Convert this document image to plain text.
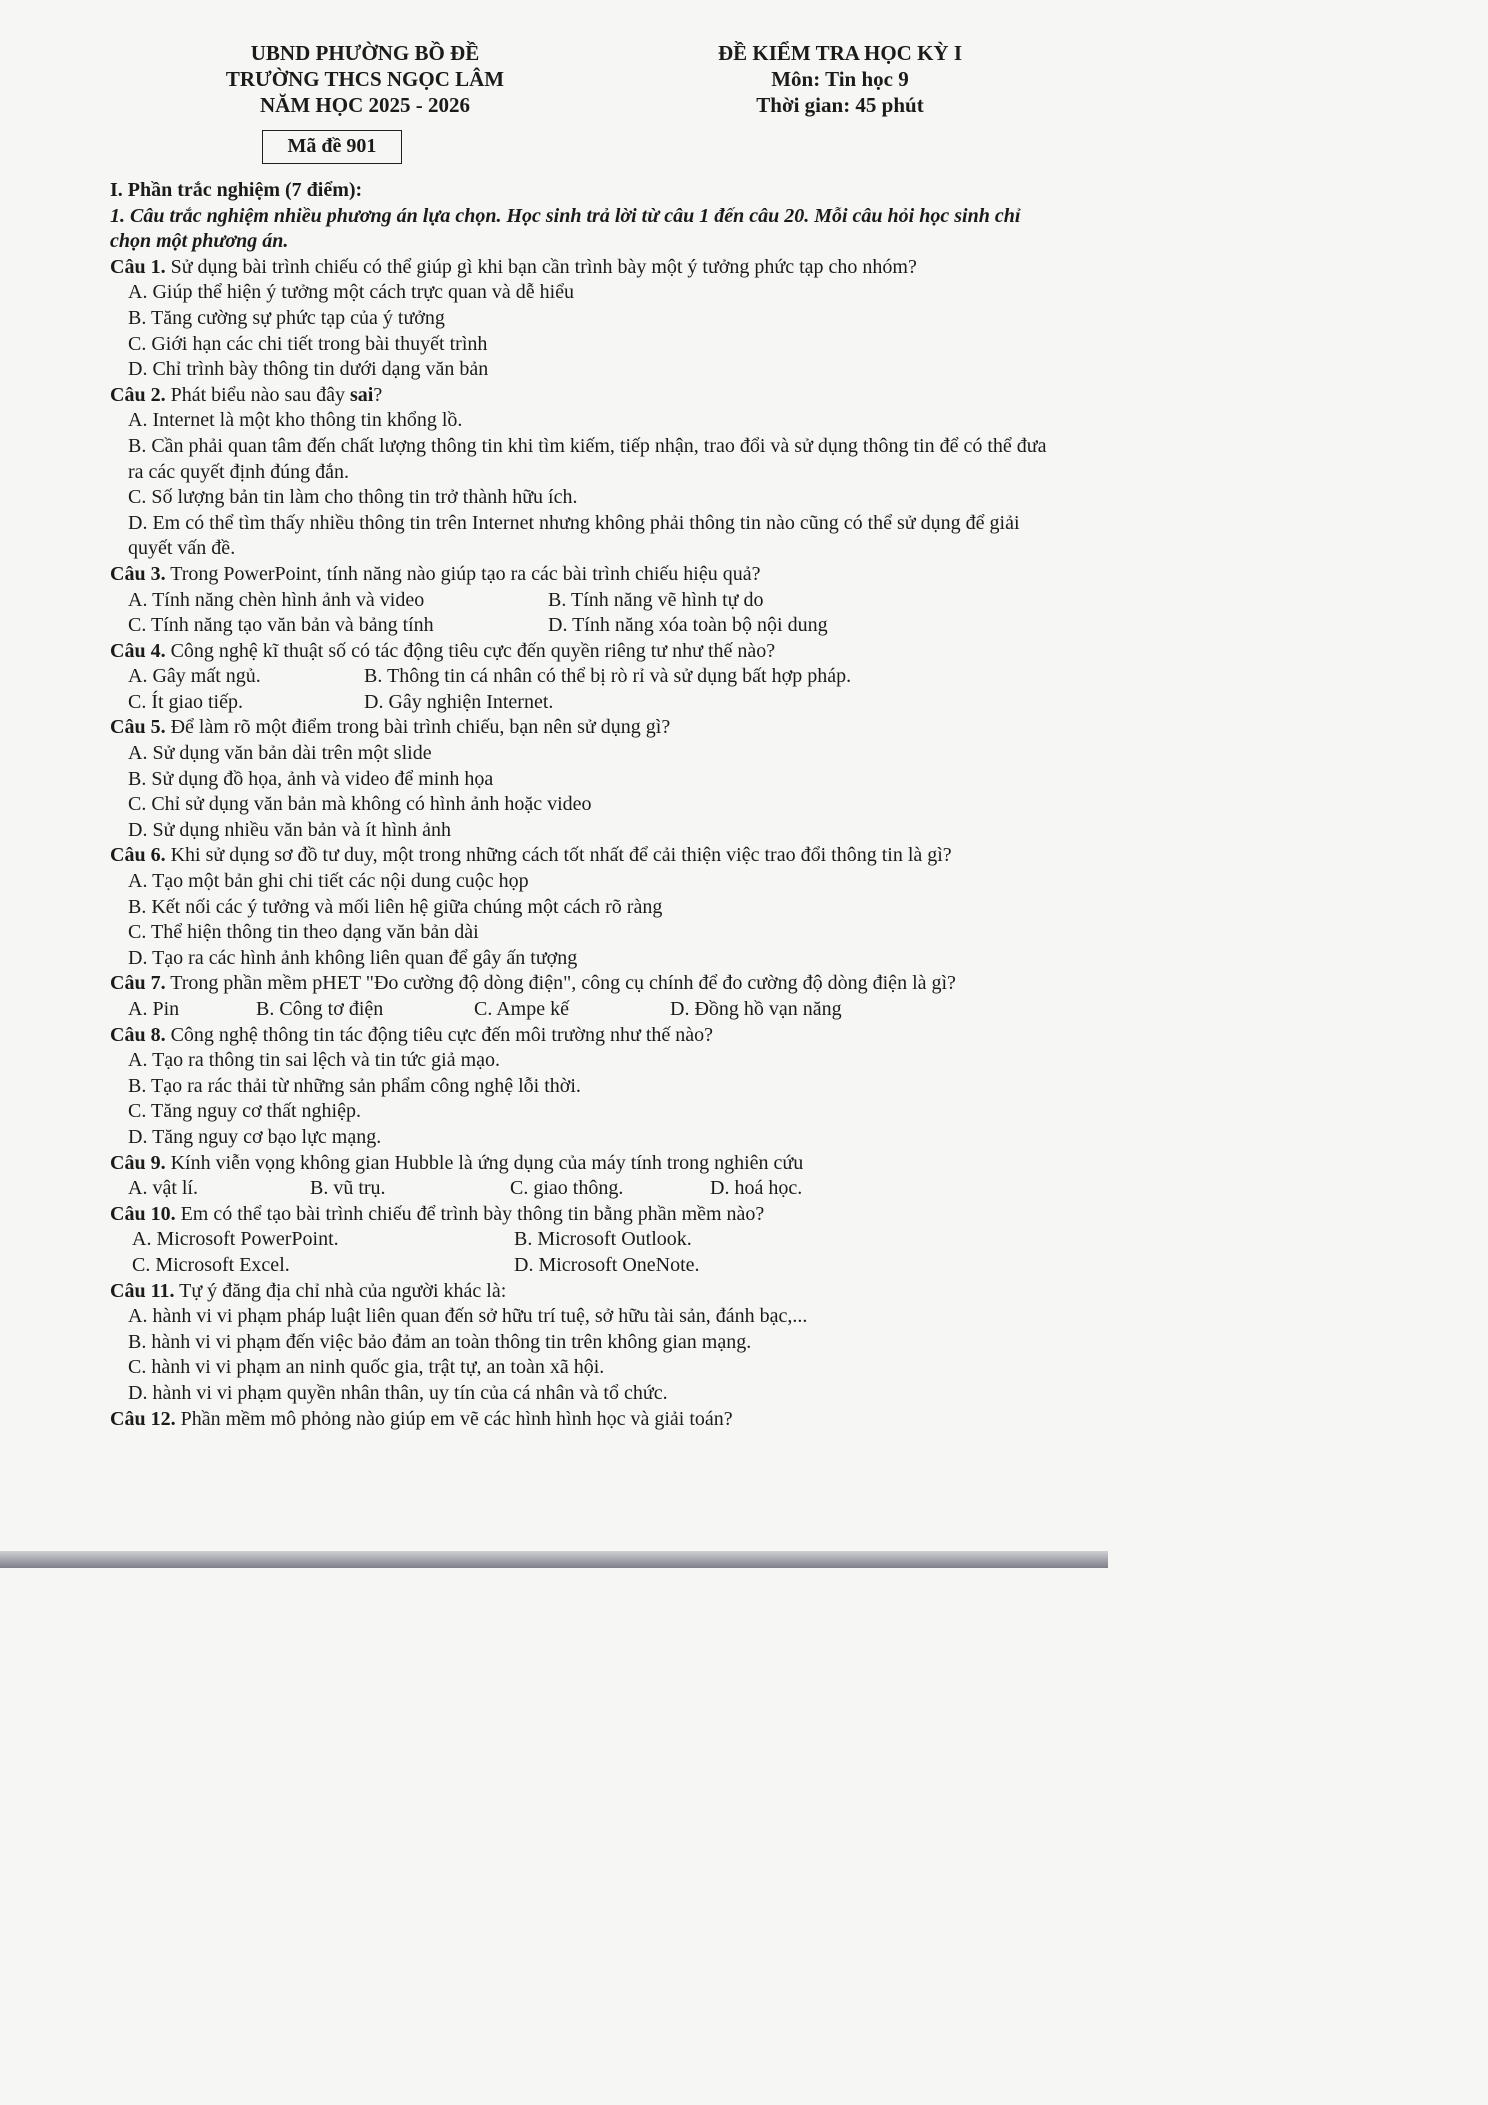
UBND PHƯỜNG BỒ ĐỀ
TRƯỜNG THCS NGỌC LÂM
NĂM HỌC 2025 - 2026
ĐỀ KIỂM TRA HỌC KỲ I
Môn: Tin học 9
Thời gian: 45 phút
Mã đề 901
I. Phần trắc nghiệm (7 điểm):
1. Câu trắc nghiệm nhiều phương án lựa chọn. Học sinh trả lời từ câu 1 đến câu 20. Mỗi câu hỏi học sinh chỉ chọn một phương án.
Câu 1. Sử dụng bài trình chiếu có thể giúp gì khi bạn cần trình bày một ý tưởng phức tạp cho nhóm?
A. Giúp thể hiện ý tưởng một cách trực quan và dễ hiểu
B. Tăng cường sự phức tạp của ý tưởng
C. Giới hạn các chi tiết trong bài thuyết trình
D. Chỉ trình bày thông tin dưới dạng văn bản
Câu 2. Phát biểu nào sau đây sai?
A. Internet là một kho thông tin khổng lồ.
B. Cần phải quan tâm đến chất lượng thông tin khi tìm kiếm, tiếp nhận, trao đổi và sử dụng thông tin để có thể đưa ra các quyết định đúng đắn.
C. Số lượng bản tin làm cho thông tin trở thành hữu ích.
D. Em có thể tìm thấy nhiều thông tin trên Internet nhưng không phải thông tin nào cũng có thể sử dụng để giải quyết vấn đề.
Câu 3. Trong PowerPoint, tính năng nào giúp tạo ra các bài trình chiếu hiệu quả?
A. Tính năng chèn hình ảnh và video	B. Tính năng vẽ hình tự do
C. Tính năng tạo văn bản và bảng tính	D. Tính năng xóa toàn bộ nội dung
Câu 4. Công nghệ kĩ thuật số có tác động tiêu cực đến quyền riêng tư như thế nào?
A. Gây mất ngủ.	B. Thông tin cá nhân có thể bị rò rỉ và sử dụng bất hợp pháp.
C. Ít giao tiếp.	D. Gây nghiện Internet.
Câu 5. Để làm rõ một điểm trong bài trình chiếu, bạn nên sử dụng gì?
A. Sử dụng văn bản dài trên một slide
B. Sử dụng đồ họa, ảnh và video để minh họa
C. Chỉ sử dụng văn bản mà không có hình ảnh hoặc video
D. Sử dụng nhiều văn bản và ít hình ảnh
Câu 6. Khi sử dụng sơ đồ tư duy, một trong những cách tốt nhất để cải thiện việc trao đổi thông tin là gì?
A. Tạo một bản ghi chi tiết các nội dung cuộc họp
B. Kết nối các ý tưởng và mối liên hệ giữa chúng một cách rõ ràng
C. Thể hiện thông tin theo dạng văn bản dài
D. Tạo ra các hình ảnh không liên quan để gây ấn tượng
Câu 7. Trong phần mềm pHET "Đo cường độ dòng điện", công cụ chính để đo cường độ dòng điện là gì?
A. Pin	B. Công tơ điện	C. Ampe kế	D. Đồng hồ vạn năng
Câu 8. Công nghệ thông tin tác động tiêu cực đến môi trường như thế nào?
A. Tạo ra thông tin sai lệch và tin tức giả mạo.
B. Tạo ra rác thải từ những sản phẩm công nghệ lỗi thời.
C. Tăng nguy cơ thất nghiệp.
D. Tăng nguy cơ bạo lực mạng.
Câu 9. Kính viễn vọng không gian Hubble là ứng dụng của máy tính trong nghiên cứu
A. vật lí.	B. vũ trụ.	C. giao thông.	D. hoá học.
Câu 10. Em có thể tạo bài trình chiếu để trình bày thông tin bằng phần mềm nào?
A. Microsoft PowerPoint.	B. Microsoft Outlook.
C. Microsoft Excel.	D. Microsoft OneNote.
Câu 11. Tự ý đăng địa chỉ nhà của người khác là:
A. hành vi vi phạm pháp luật liên quan đến sở hữu trí tuệ, sở hữu tài sản, đánh bạc,...
B. hành vi vi phạm đến việc bảo đảm an toàn thông tin trên không gian mạng.
C. hành vi vi phạm an ninh quốc gia, trật tự, an toàn xã hội.
D. hành vi vi phạm quyền nhân thân, uy tín của cá nhân và tổ chức.
Câu 12. Phần mềm mô phỏng nào giúp em vẽ các hình hình học và giải toán?
